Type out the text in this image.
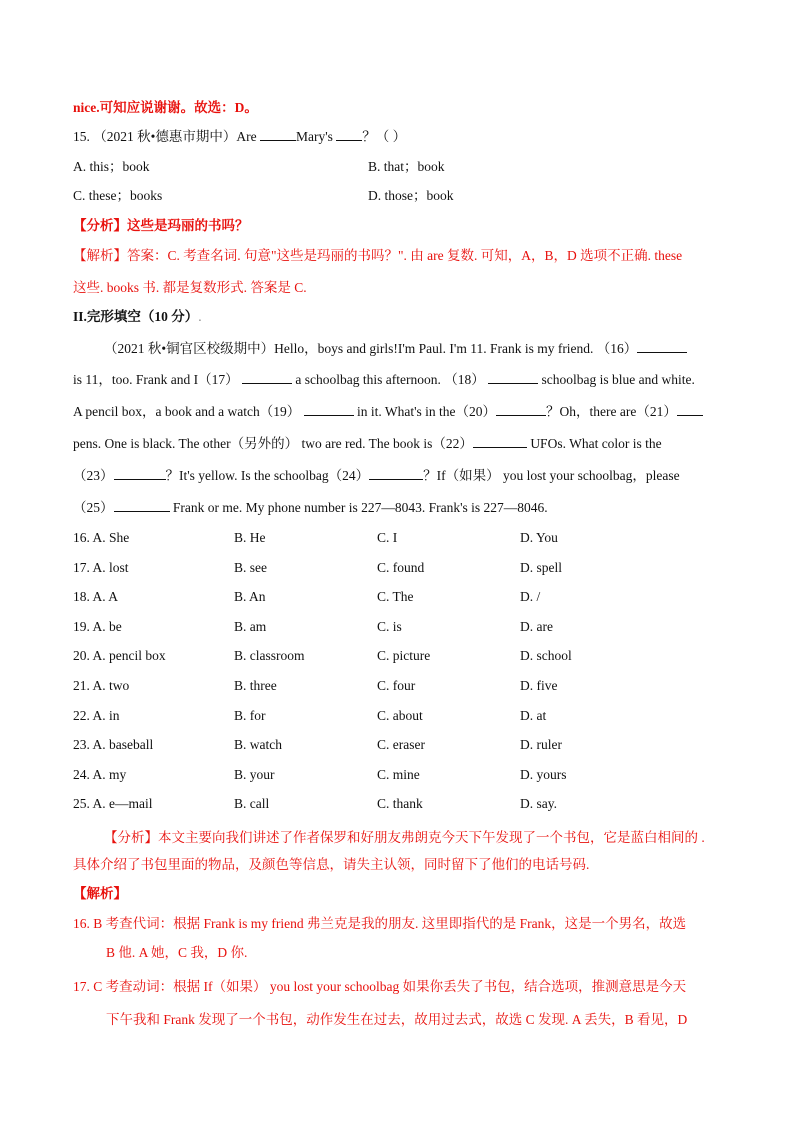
nice.可知应说谢谢。故选：D。
15. （2021 秋•德惠市期中）Are	Mary's ？（ ）
A. this；book	B. that；book
C. these；books	D. those；book
【分析】这些是玛丽的书吗？
【解析】答案：C. 考查名词. 句意"这些是玛丽的书吗？". 由 are 复数. 可知，A，B，D 选项不正确. these
这些. books 书. 都是复数形式. 答案是 C.
II.完形填空（10 分）.
（2021 秋•铜官区校级期中）Hello，boys and girls!I'm Paul. I'm 11. Frank is my friend. （16）
is 11，too. Frank and I（17）	a schoolbag this afternoon. （18）	schoolbag is blue and white.
A pencil box，a book and a watch（19）	in it. What's in the（20）	？Oh，there are（21）
pens. One is black. The other（另外的） two are red. The book is（22）	UFOs. What color is the
（23）	？It's yellow. Is the schoolbag（24）	？If（如果） you lost your schoolbag，please
（25）	Frank or me. My phone number is 227—8043. Frank's is 227—8046.
16. A. She	B. He	C. I	D. You
17. A. lost	B. see	C. found	D. spell
18. A. A	B. An	C. The	D. /
19. A. be	B. am	C. is	D. are
20. A. pencil box	B. classroom	C. picture	D. school
21. A. two	B. three	C. four	D. five
22. A. in	B. for	C. about	D. at
23. A. baseball	B. watch	C. eraser	D. ruler
24. A. my	B. your	C. mine	D. yours
25. A. e—mail	B. call	C. thank	D. say.
【分析】本文主要向我们讲述了作者保罗和好朋友弗朗克今天下午发现了一个书包，它是蓝白相间的 .
具体介绍了书包里面的物品，及颜色等信息，请失主认领，同时留下了他们的电话号码.
【解析】
16. B 考查代词：根据 Frank is my friend 弗兰克是我的朋友. 这里即指代的是 Frank，这是一个男名，故选
B 他. A 她，C 我，D 你.
17. C 考查动词：根据 If（如果） you lost your schoolbag 如果你丢失了书包，结合选项，推测意思是今天
下午我和 Frank 发现了一个书包，动作发生在过去，故用过去式，故选 C 发现. A 丢失，B 看见，D
